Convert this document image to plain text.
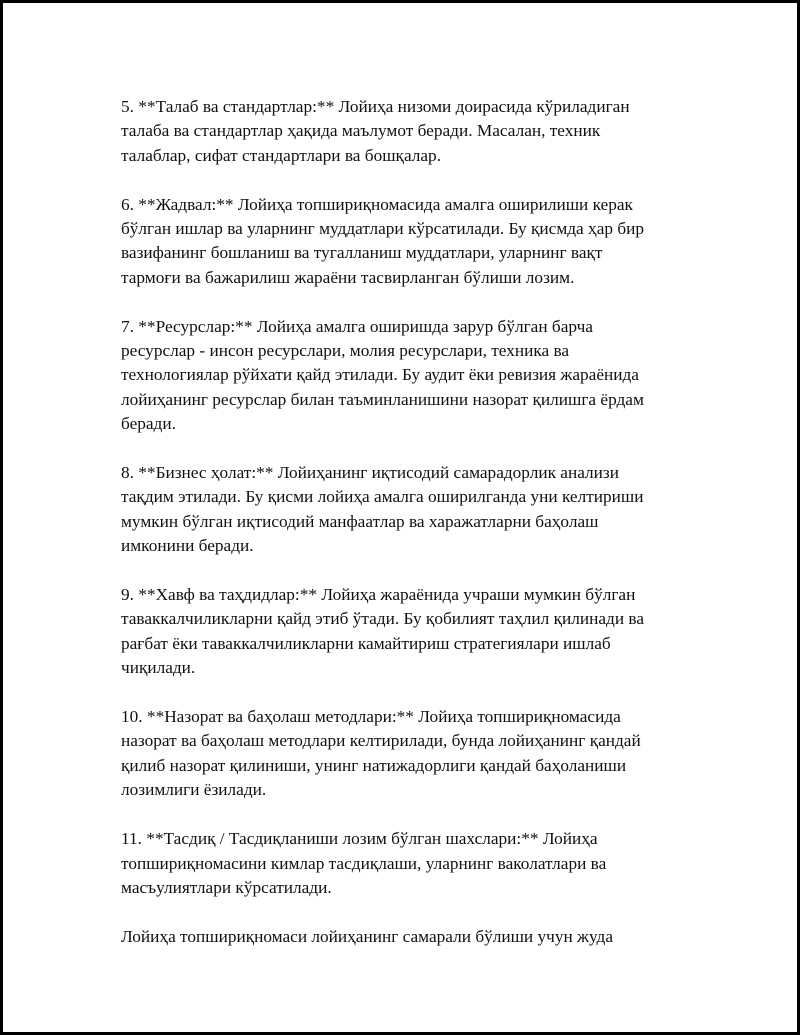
5. **Талаб ва стандартлар:** Лойиҳа низоми доирасида кўриладиган
талаба ва стандартлар ҳақида маълумот беради. Масалан, техник
талаблар, сифат стандартлари ва бошқалар.

6. **Жадвал:** Лойиҳа топшириқномасида амалга оширилиши керак
бўлган ишлар ва уларнинг муддатлари кўрсатилади. Бу қисмда ҳар бир
вазифанинг бошланиш ва тугалланиш муддатлари, уларнинг вақт
тармоғи ва бажарилиш жараёни тасвирланган бўлиши лозим.

7. **Ресурслар:** Лойиҳа амалга оширишда зарур бўлган барча
ресурслар - инсон ресурслари, молия ресурслари, техника ва
технологиялар рўйхати қайд этилади. Бу аудит ёки ревизия жараёнида
лойиҳанинг ресурслар билан таъминланишини назорат қилишга ёрдам
беради.

8. **Бизнес ҳолат:** Лойиҳанинг иқтисодий самарадорлик анализи
тақдим этилади. Бу қисми лойиҳа амалга оширилганда уни келтириши
мумкин бўлган иқтисодий манфаатлар ва харажатларни баҳолаш
имконини беради.

9. **Хавф ва таҳдидлар:** Лойиҳа жараёнида учраши мумкин бўлган
таваккалчиликларни қайд этиб ўтади. Бу қобилият таҳлил қилинади ва
рағбат ёки таваккалчиликларни камайтириш стратегиялари ишлаб
чиқилади.

10. **Назорат ва баҳолаш методлари:** Лойиҳа топшириқномасида
назорат ва баҳолаш методлари келтирилади, бунда лойиҳанинг қандай
қилиб назорат қилиниши, унинг натижадорлиги қандай баҳоланиши
лозимлиги ёзилади.

11. **Тасдиқ / Тасдиқланиши лозим бўлган шахслари:** Лойиҳа
топшириқномасини кимлар тасдиқлаши, уларнинг ваколатлари ва
масъулиятлари кўрсатилади.

Лойиҳа топшириқномаси лойиҳанинг самарали бўлиши учун жуда
